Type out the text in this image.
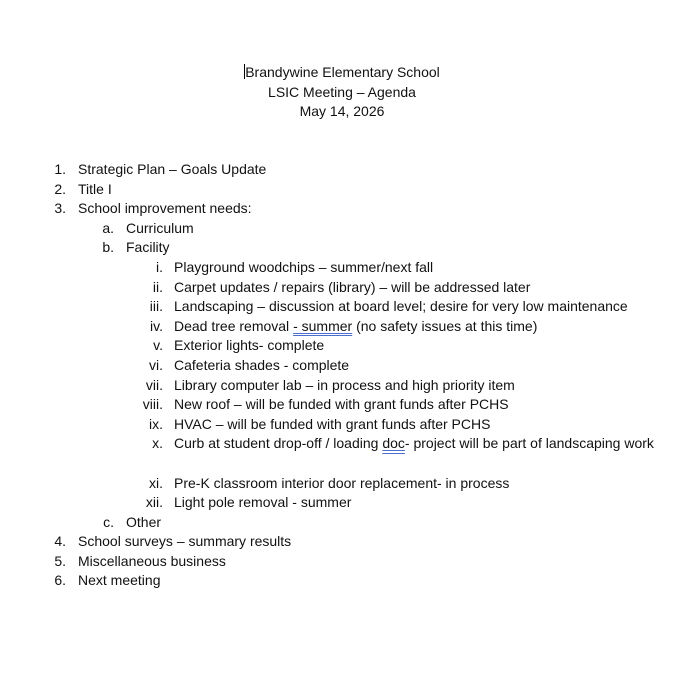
Brandywine Elementary School
LSIC Meeting – Agenda
May 14, 2026
1. Strategic Plan – Goals Update
2. Title I
3. School improvement needs:
a. Curriculum
b. Facility
i. Playground woodchips – summer/next fall
ii. Carpet updates / repairs (library) – will be addressed later
iii. Landscaping – discussion at board level; desire for very low maintenance
iv. Dead tree removal - summer (no safety issues at this time)
v. Exterior lights- complete
vi. Cafeteria shades - complete
vii. Library computer lab – in process and high priority item
viii. New roof – will be funded with grant funds after PCHS
ix. HVAC – will be funded with grant funds after PCHS
x. Curb at student drop-off / loading doc- project will be part of landscaping work
xi. Pre-K classroom interior door replacement- in process
xii. Light pole removal - summer
c. Other
4. School surveys – summary results
5. Miscellaneous business
6. Next meeting
